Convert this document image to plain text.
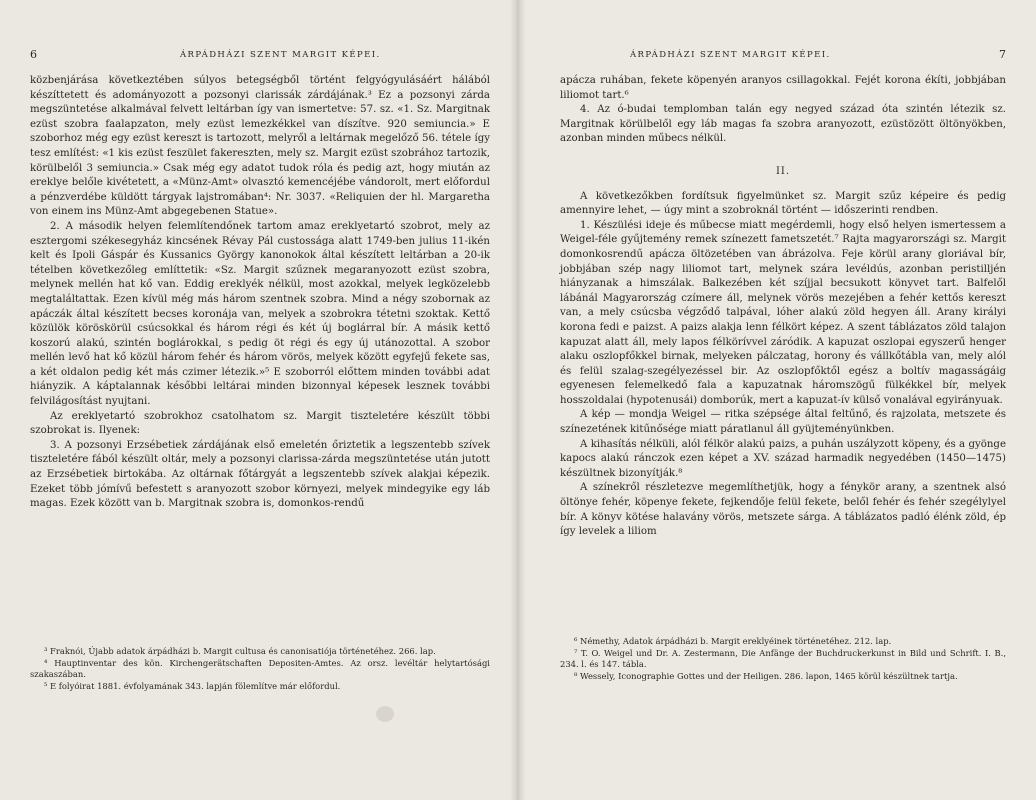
6	ÁRPÁDHÁZI SZENT MARGIT KÉPEI.

közbenjárása következtében súlyos betegségből történt felgyógyulásáért hálából készíttetett és adományozott a pozsonyi clarissák zárdájának.³ Ez a pozsonyi zárda megszüntetése alkalmával felvett leltárban így van ismertetve: 57. sz. «1. Sz. Margitnak ezüst szobra faalapzaton, mely ezüst lemezkékkel van díszítve. 920 semiuncia.» E szoborhoz még egy ezüst kereszt is tartozott, melyről a leltárnak megelőző 56. tétele így tesz említést: «1 kis ezüst feszület fakereszten, mely sz. Margit ezüst szobrához tartozik, körülbelől 3 semiuncia.» Csak még egy adatot tudok róla és pedig azt, hogy miután az ereklye belőle kivétetett, a «Münz-Amt» olvasztó kemencéjébe vándorolt, mert előfordul a pénzverdébe küldött tárgyak lajstromában⁴: Nr. 3037. «Reliquien der hl. Margaretha von einem ins Münz-Amt abgegebenen Statue».

2. A második helyen felemlítendőnek tartom amaz ereklyetartó szobrot, mely az esztergomi székesegyház kincsének Révay Pál custossága alatt 1749-ben julius 11-ikén kelt és Ipoli Gáspár és Kussanics György kanonokok által készített leltárban a 20-ik tételben következőleg említtetik: «Sz. Margit szűznek megaranyozott ezüst szobra, melynek mellén hat kő van. Eddig ereklyék nélkül, most azokkal, melyek legközelebb megtaláltattak. Ezen kívül még más három szentnek szobra. Mind a négy szobornak az apáczák által készített becses koronája van, melyek a szobrokra tétetni szoktak. Kettő közülök köröskörül csúcsokkal és három régi és két új boglárral bír. A másik kettő koszorú alakú, szintén boglárokkal, s pedig öt régi és egy új utánozottal. A szobor mellén levő hat kő közül három fehér és három vörös, melyek között egyfejű fekete sas, a két oldalon pedig két más czimer létezik.»⁵ E szoborról előttem minden további adat hiányzik. A káptalannak későbbi leltárai minden bizonnyal képesek lesznek további felvilágosítást nyujtani.

Az ereklyetartó szobrokhoz csatolhatom sz. Margit tiszteletére készült többi szobrokat is. Ilyenek:

3. A pozsonyi Erzsébetiek zárdájának első emeletén őriztetik a legszentebb szívek tiszteletére fából készült oltár, mely a pozsonyi clarissa-zárda megszüntetése után jutott az Erzsébetiek birtokába. Az oltárnak főtárgyát a legszentebb szívek alakjai képezik. Ezeket több jómívű befestett s aranyozott szobor környezi, melyek mindegyike egy láb magas. Ezek között van b. Margitnak szobra is, domonkos-rendű

³ Fraknói, Újabb adatok árpádházi b. Margit cultusa és canonisatiója történetéhez. 266. lap.

⁴ Hauptinventar des kön. Kirchengerätschaften Depositen-Amtes. Az orsz. levéltár helytartósági szakaszában.

⁵ E folyóirat 1881. évfolyamának 343. lapján fölemlítve már előfordul.

ÁRPÁDHÁZI SZENT MARGIT KÉPEI.	7

apácza ruhában, fekete köpenyén aranyos csillagokkal. Fejét korona ékíti, jobbjában liliomot tart.⁶

4. Az ó-budai templomban talán egy negyed század óta szintén létezik sz. Margitnak körülbelől egy láb magas fa szobra aranyozott, ezüstözött öltönyökben, azonban minden műbecs nélkül.

II.

A következőkben fordítsuk figyelmünket sz. Margit szűz képeire és pedig amennyire lehet, — úgy mint a szobroknál történt — időszerinti rendben.

1. Készülési ideje és műbecse miatt megérdemli, hogy első helyen ismertessem a Weigel-féle gyűjtemény remek színezett fametszetét.⁷ Rajta magyarországi sz. Margit domonkosrendű apácza öltözetében van ábrázolva. Feje körül arany gloriával bír, jobbjában szép nagy liliomot tart, melynek szára levéldús, azonban peristilljén hiányzanak a himszálak. Balkezében két szíjjal becsukott könyvet tart. Balfelől lábánál Magyarország czímere áll, melynek vörös mezejében a fehér kettős kereszt van, a mely csúcsba végződő talpával, lóher alakú zöld hegyen áll. Arany királyi korona fedi e paizst. A paizs alakja lenn félkört képez. A szent táblázatos zöld talajon kapuzat alatt áll, mely lapos félkörívvel záródik. A kapuzat oszlopai egyszerű henger alaku oszlopfőkkel birnak, melyeken pálczatag, horony és vállkőtábla van, mely alól és felül szalag-szegélyezéssel bir. Az oszlopfőktől egész a boltív magasságáig egyenesen felemelkedő fala a kapuzatnak háromszögű fülkékkel bír, melyek hosszoldalai (hypotenusái) domborúk, mert a kapuzat-ív külső vonalával egyirányuak.

A kép — mondja Weigel — ritka szépsége által feltűnő, és rajzolata, metszete és színezetének kitűnősége miatt páratlanul áll gyüjteményünkben.

A kihasítás nélküli, alól félkör alakú paizs, a puhán uszályzott köpeny, és a gyönge kapocs alakú ránczok ezen képet a XV. század harmadik negyedében (1450—1475) készültnek bizonyítják.⁸

A színekről részletezve megemlíthetjük, hogy a fénykör arany, a szentnek alsó öltönye fehér, köpenye fekete, fejkendője felül fekete, belől fehér és fehér szegélylyel bír. A könyv kötése halavány vörös, metszete sárga. A táblázatos padló élénk zöld, ép így levelek a liliom

⁶ Némethy, Adatok árpádházi b. Margit ereklyéinek történetéhez. 212. lap.

⁷ T. O. Weigel und Dr. A. Zestermann, Die Anfänge der Buchdruckerkunst in Bild und Schrift. I. B., 234. l. és 147. tábla.

⁸ Wessely, Iconographie Gottes und der Heiligen. 286. lapon, 1465 körül készültnek tartja.
